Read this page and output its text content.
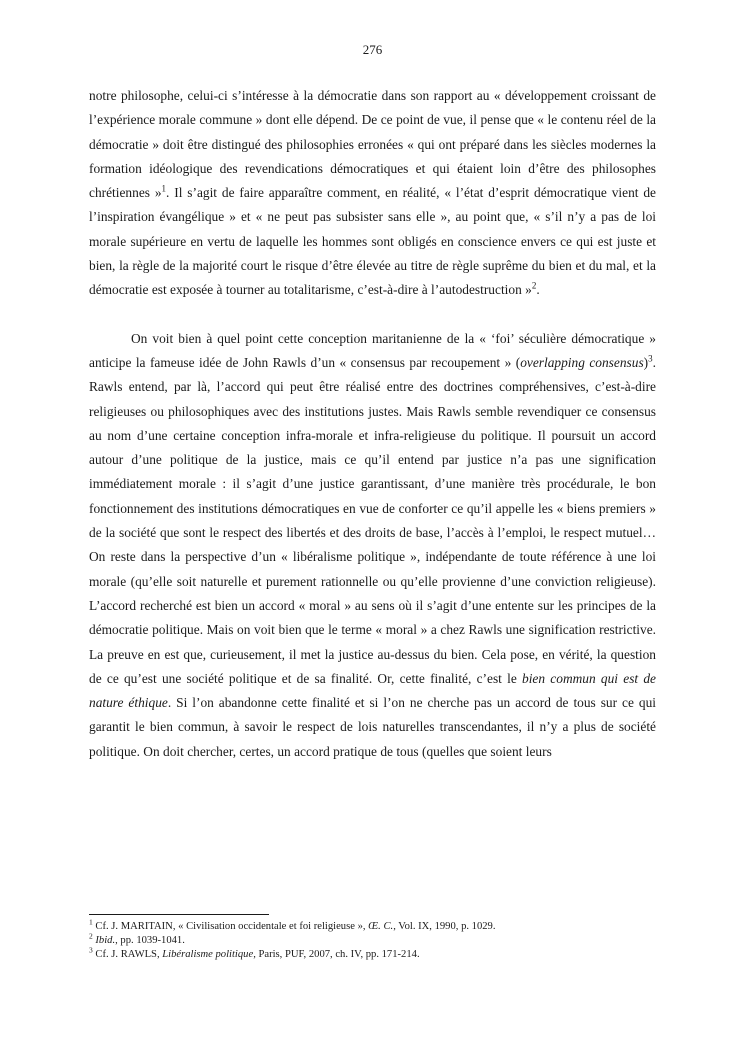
276

notre philosophe, celui-ci s’intéresse à la démocratie dans son rapport au « développement croissant de l’expérience morale commune » dont elle dépend. De ce point de vue, il pense que « le contenu réel de la démocratie » doit être distingué des philosophies erronées « qui ont préparé dans les siècles modernes la formation idéologique des revendications démocratiques et qui étaient loin d’être des philosophes chrétiennes »$^1$. Il s’agit de faire apparaître comment, en réalité, « l’état d’esprit démocratique vient de l’inspiration évangélique » et « ne peut pas subsister sans elle », au point que, « s’il n’y a pas de loi morale supérieure en vertu de laquelle les hommes sont obligés en conscience envers ce qui est juste et bien, la règle de la majorité court le risque d’être élevée au titre de règle suprême du bien et du mal, et la démocratie est exposée à tourner au totalitarisme, c’est-à-dire à l’autodestruction »$^2$.

On voit bien à quel point cette conception maritanienne de la « ‘foi’ séculière démocratique » anticipe la fameuse idée de John Rawls d’un « consensus par recoupement » (overlapping consensus)$^3$. Rawls entend, par là, l’accord qui peut être réalisé entre des doctrines compréhensives, c’est-à-dire religieuses ou philosophiques avec des institutions justes. Mais Rawls semble revendiquer ce consensus au nom d’une certaine conception infra-morale et infra-religieuse du politique. Il poursuit un accord autour d’une politique de la justice, mais ce qu’il entend par justice n’a pas une signification immédiatement morale : il s’agit d’une justice garantissant, d’une manière très procédurale, le bon fonctionnement des institutions démocratiques en vue de conforter ce qu’il appelle les « biens premiers » de la société que sont le respect des libertés et des droits de base, l’accès à l’emploi, le respect mutuel… On reste dans la perspective d’un « libéralisme politique », indépendante de toute référence à une loi morale (qu’elle soit naturelle et purement rationnelle ou qu’elle provienne d’une conviction religieuse). L’accord recherché est bien un accord « moral » au sens où il s’agit d’une entente sur les principes de la démocratie politique. Mais on voit bien que le terme « moral » a chez Rawls une signification restrictive. La preuve en est que, curieusement, il met la justice au-dessus du bien. Cela pose, en vérité, la question de ce qu’est une société politique et de sa finalité. Or, cette finalité, c’est le bien commun qui est de nature éthique. Si l’on abandonne cette finalité et si l’on ne cherche pas un accord de tous sur ce qui garantit le bien commun, à savoir le respect de lois naturelles transcendantes, il n’y a plus de société politique. On doit chercher, certes, un accord pratique de tous (quelles que soient leurs

$^1$ Cf. J. MARITAIN, « Civilisation occidentale et foi religieuse », Œ. C., Vol. IX, 1990, p. 1029.
$^2$ Ibid., pp. 1039-1041.
$^3$ Cf. J. RAWLS, Libéralisme politique, Paris, PUF, 2007, ch. IV, pp. 171-214.
